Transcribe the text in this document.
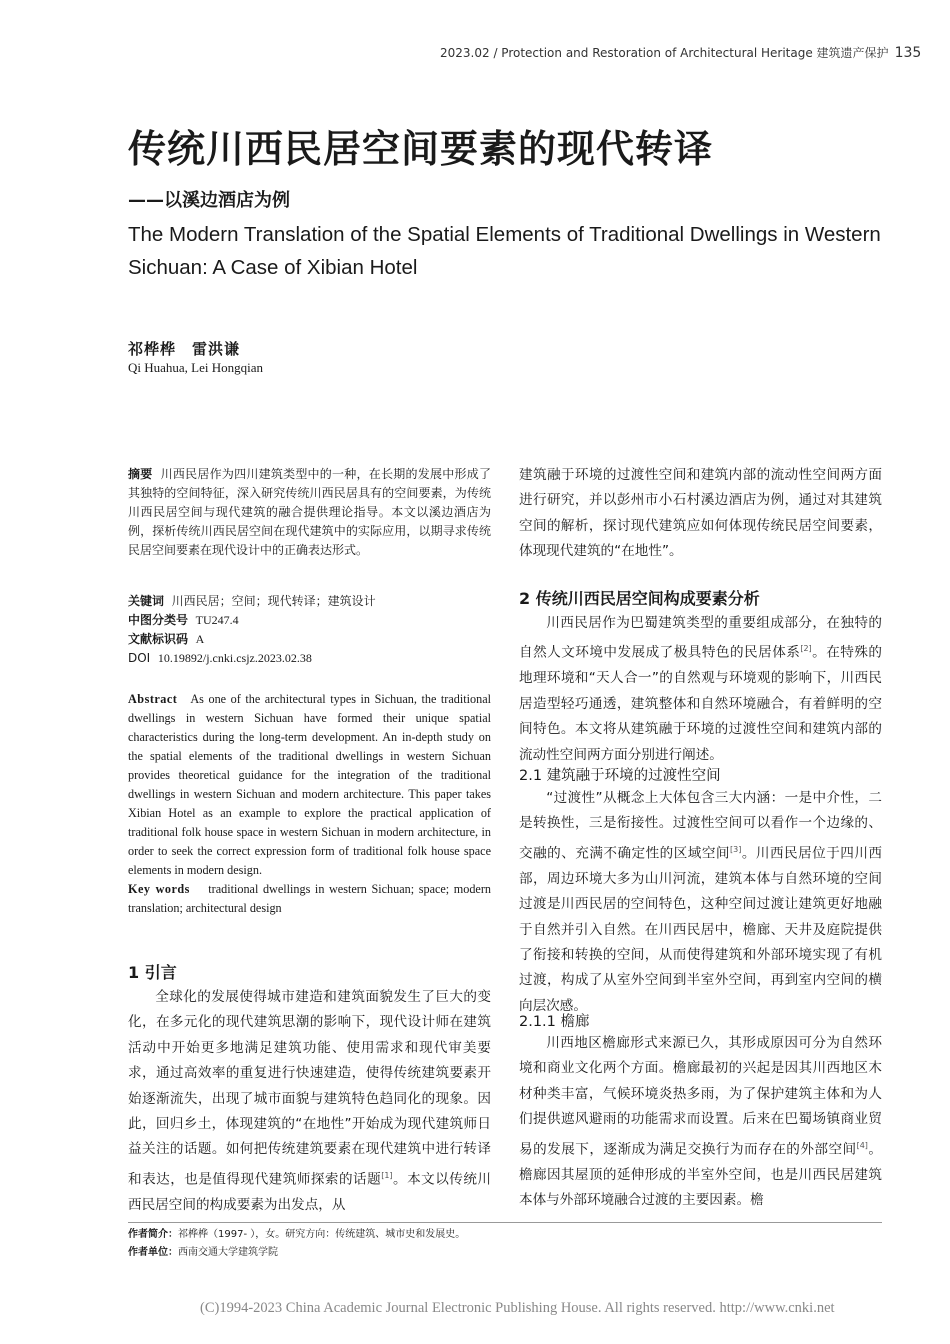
2023.02 / Protection and Restoration of Architectural Heritage 建筑遗产保护 135
传统川西民居空间要素的现代转译
——以溪边酒店为例
The Modern Translation of the Spatial Elements of Traditional Dwellings in Western Sichuan: A Case of Xibian Hotel
祁桦桦　雷洪谦
Qi Huahua, Lei Hongqian
摘要 川西民居作为四川建筑类型中的一种，在长期的发展中形成了其独特的空间特征，深入研究传统川西民居具有的空间要素，为传统川西民居空间与现代建筑的融合提供理论指导。本文以溪边酒店为例，探析传统川西民居空间在现代建筑中的实际应用，以期寻求传统民居空间要素在现代设计中的正确表达形式。
关键词 川西民居；空间；现代转译；建筑设计
中图分类号 TU247.4
文献标识码 A
DOI 10.19892/j.cnki.csjz.2023.02.38
Abstract As one of the architectural types in Sichuan, the traditional dwellings in western Sichuan have formed their unique spatial characteristics during the long-term development. An in-depth study on the spatial elements of the traditional dwellings in western Sichuan provides theoretical guidance for the integration of the traditional dwellings in western Sichuan and modern architecture. This paper takes Xibian Hotel as an example to explore the practical application of traditional folk house space in western Sichuan in modern architecture, in order to seek the correct expression form of traditional folk house space elements in modern design.
Key words traditional dwellings in western Sichuan; space; modern translation; architectural design
1 引言

全球化的发展使得城市建造和建筑面貌发生了巨大的变化，在多元化的现代建筑思潮的影响下，现代设计师在建筑活动中开始更多地满足建筑功能、使用需求和现代审美要求，通过高效率的重复进行快速建造，使得传统建筑要素开始逐渐流失，出现了城市面貌与建筑特色趋同化的现象。因此，回归乡土，体现建筑的“在地性”开始成为现代建筑师日益关注的话题。如何把传统建筑要素在现代建筑中进行转译和表达，也是值得现代建筑师探索的话题[1]。本文以传统川西民居空间的构成要素为出发点，从

建筑融于环境的过渡性空间和建筑内部的流动性空间两方面进行研究，并以彭州市小石村溪边酒店为例，通过对其建筑空间的解析，探讨现代建筑应如何体现传统民居空间要素，体现现代建筑的“在地性”。

2 传统川西民居空间构成要素分析

川西民居作为巴蜀建筑类型的重要组成部分，在独特的自然人文环境中发展成了极具特色的民居体系[2]。在特殊的地理环境和“天人合一”的自然观与环境观的影响下，川西民居造型轻巧通透，建筑整体和自然环境融合，有着鲜明的空间特色。本文将从建筑融于环境的过渡性空间和建筑内部的流动性空间两方面分别进行阐述。

2.1 建筑融于环境的过渡性空间

“过渡性”从概念上大体包含三大内涵：一是中介性，二是转换性，三是衔接性。过渡性空间可以看作一个边缘的、交融的、充满不确定性的区域空间[3]。川西民居位于四川西部，周边环境大多为山川河流，建筑本体与自然环境的空间过渡是川西民居的空间特色，这种空间过渡让建筑更好地融于自然并引入自然。在川西民居中，檐廊、天井及庭院提供了衔接和转换的空间，从而使得建筑和外部环境实现了有机过渡，构成了从室外空间到半室外空间，再到室内空间的横向层次感。

2.1.1 檐廊

川西地区檐廊形式来源已久，其形成原因可分为自然环境和商业文化两个方面。檐廊最初的兴起是因其川西地区木材种类丰富，气候环境炎热多雨，为了保护建筑主体和为人们提供遮风避雨的功能需求而设置。后来在巴蜀场镇商业贸易的发展下，逐渐成为满足交换行为而存在的外部空间[4]。檐廊因其屋顶的延伸形成的半室外空间，也是川西民居建筑本体与外部环境融合过渡的主要因素。檐

作者简介：祁桦桦（1997- ），女。研究方向：传统建筑、城市史和发展史。
作者单位：西南交通大学建筑学院
(C)1994-2023 China Academic Journal Electronic Publishing House. All rights reserved. http://www.cnki.net
